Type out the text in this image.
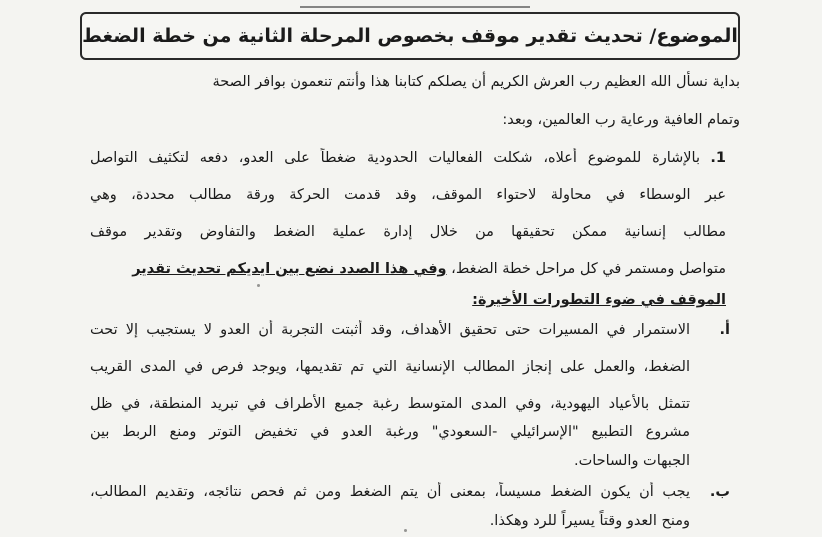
الموضوع/ تحديث تقدير موقف بخصوص المرحلة الثانية من خطة الضغط
بداية نسأل الله العظيم رب العرش الكريم أن يصلكم كتابنا هذا وأنتم تنعمون بوافر الصحة
وتمام العافية ورعاية رب العالمين، وبعد:
1.
بالإشارة للموضوع أعلاه، شكلت الفعاليات الحدودية ضغطاً على العدو، دفعه لتكثيف التواصل
عبر الوسطاء في محاولة لاحتواء الموقف، وقد قدمت الحركة ورقة مطالب محددة، وهي
مطالب إنسانية ممكن تحقيقها من خلال إدارة عملية الضغط والتفاوض وتقدير موقف
متواصل ومستمر في كل مراحل خطة الضغط، وفي هذا الصدد نضع بين ايديكم تحديث تقدير
الموقف في ضوء التطورات الأخيرة:
أ.
الاستمرار في المسيرات حتى تحقيق الأهداف، وقد أثبتت التجربة أن العدو لا يستجيب إلا تحت
الضغط، والعمل على إنجاز المطالب الإنسانية التي تم تقديمها، ويوجد فرص في المدى القريب
تتمثل بالأعياد اليهودية، وفي المدى المتوسط رغبة جميع الأطراف في تبريد المنطقة، في ظل
مشروع التطبيع "الإسرائيلي -السعودي" ورغبة العدو في تخفيض التوتر ومنع الربط بين
الجبهات والساحات.
ب.
يجب أن يكون الضغط مسيساً، بمعنى أن يتم الضغط ومن ثم فحص نتائجه، وتقديم المطالب،
ومنح العدو وقتاً يسيراً للرد وهكذا.
